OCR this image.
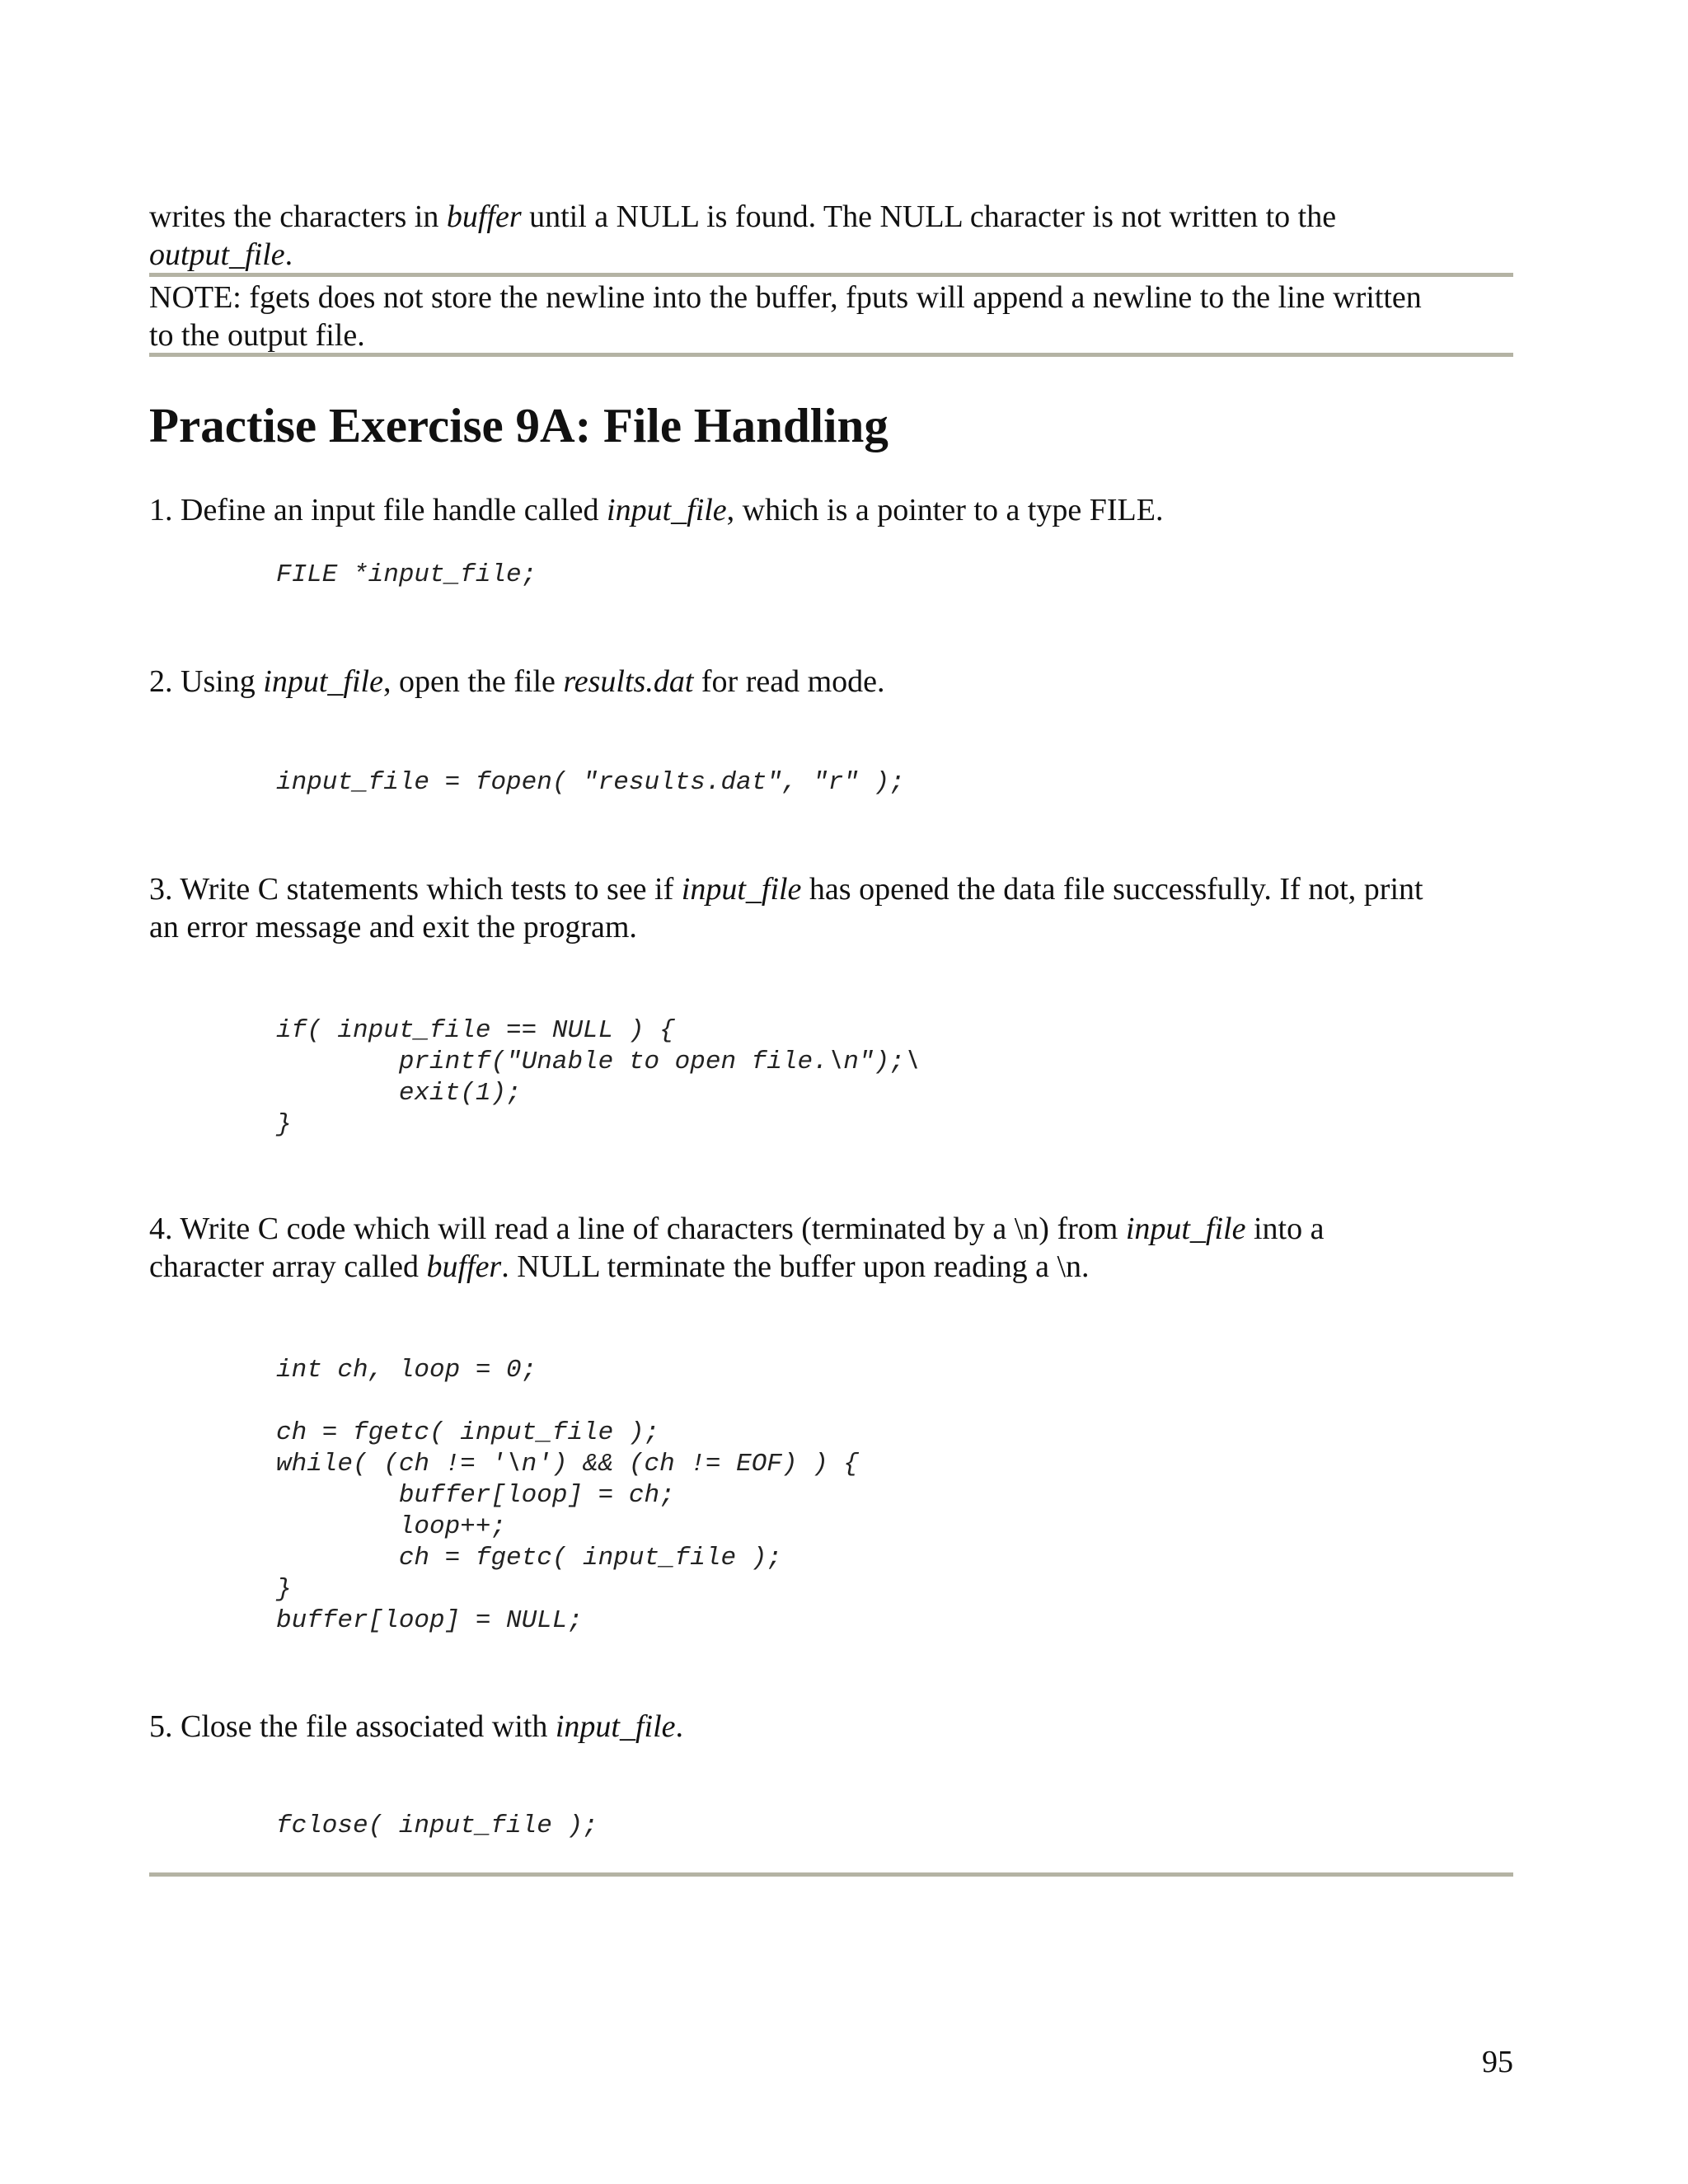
writes the characters in buffer until a NULL is found. The NULL character is not written to the
output_file.

NOTE: fgets does not store the newline into the buffer, fputs will append a newline to the line written
to the output file.

Practise Exercise 9A: File Handling

1. Define an input file handle called input_file, which is a pointer to a type FILE.

FILE *input_file;

2. Using input_file, open the file results.dat for read mode.

input_file = fopen( "results.dat", "r" );

3. Write C statements which tests to see if input_file has opened the data file successfully. If not, print
an error message and exit the program.

if( input_file == NULL ) {
printf("Unable to open file.\n");\
exit(1);
}

4. Write C code which will read a line of characters (terminated by a \n) from input_file into a
character array called buffer. NULL terminate the buffer upon reading a \n.

int ch, loop = 0;

ch = fgetc( input_file );
while( (ch != '\n') && (ch != EOF) ) {
buffer[loop] = ch;
loop++;
ch = fgetc( input_file );
}
buffer[loop] = NULL;

5. Close the file associated with input_file.

fclose( input_file );
95
